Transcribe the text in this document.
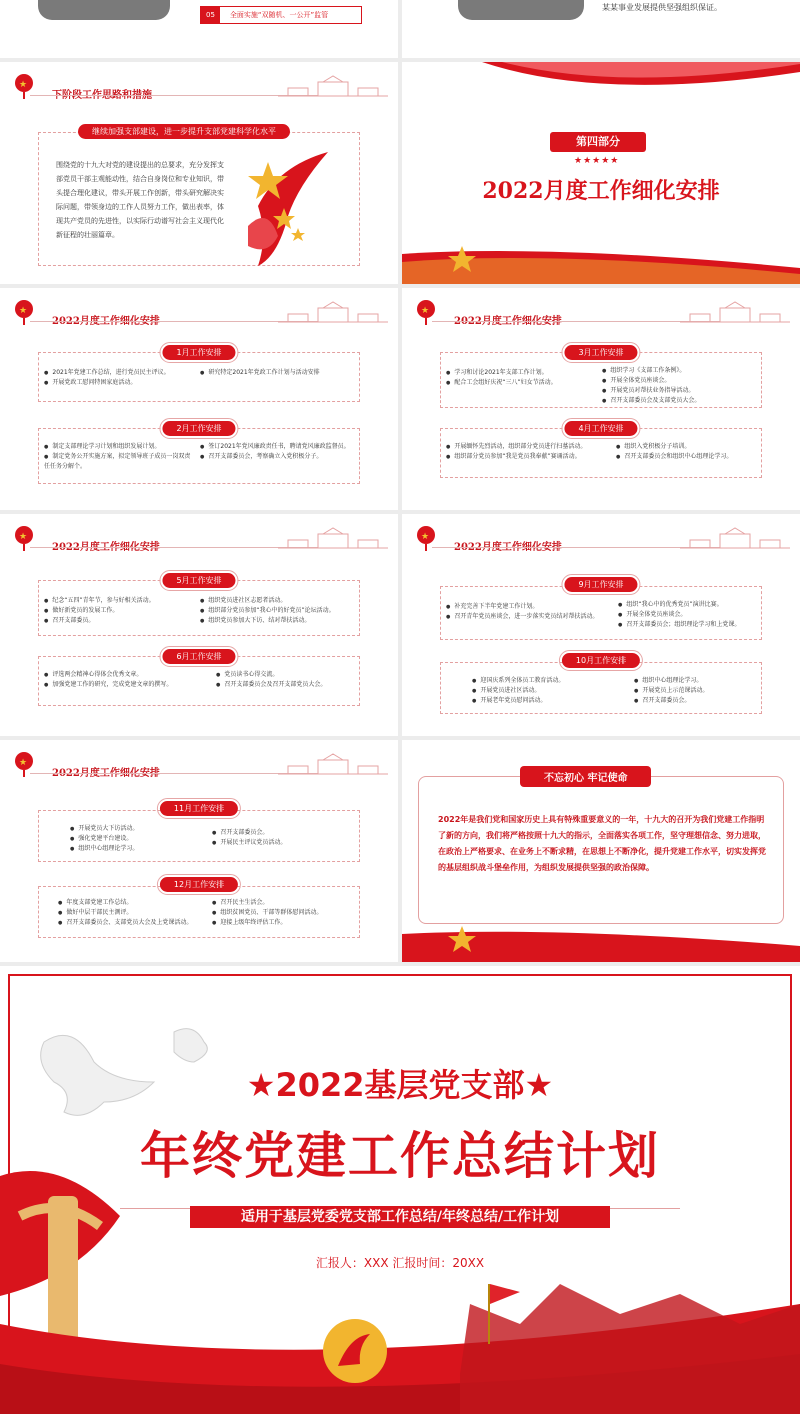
05	全面实施“双随机、一公开”监管
某某事业发展提供坚强组织保证。
★
继续加强支部建设，进一步提升支部党建科学化水平
围绕党的十九大对党的建设提出的总要求，充分发挥支部党员干部主观能动性，结合自身岗位和专业知识，带头提合理化建议，带头开展工作创新，带头研究解决实际问题，带领身边的工作人员努力工作，做出表率，体现共产党员的先进性，以实际行动谱写社会主义现代化新征程的壮丽篇章。
第四部分
★★★★★
2022月度工作细化安排
★
1月工作安排
● 2021年党建工作总结，进行党员民主评议。
● 开展党政工慰问特困家庭活动。
● 研究特定2021年党政工作计划与活动安排
2月工作安排
● 制定支部理论学习计划和组织发展计划。
● 制定党务公开实施方案，拟定领导班子成员一岗双责任任务分解个。
● 签订2021年党风廉政责任书，聘请党风廉政监督员。
● 召开支部委员会，考察确立入党积极分子。
★
3月工作安排
● 学习和讨论2021年支部工作计划。
● 配合工会组好庆祝“三八”妇女节活动。
● 组织学习《支部工作条例》。
● 开展全体党员座谈会。
● 开展党员对帮扶业务指导活动。
● 召开支部委员会及支部党员大会。
4月工作安排
● 开展缅怀先烈活动，组织部分党员进行扫墓活动。
● 组织部分党员参加“我是党员我奉献”赛诵活动。
● 组织入党积极分子培训。
● 召开支部委员会和组织中心组理论学习。
★
5月工作安排
● 纪念“五四”青年节，参与好相关活动。
● 做好新党员的发展工作。
● 召开支部委员。
● 组织党员进社区志愿者活动。
● 组织部分党员参加“我心中的好党员”论坛活动。
● 组织党员参加大下访、结对帮扶活动。
6月工作安排
● 评选两会精神心得体会优秀文章。
● 加强党建工作的研究，完成党建文章的撰写。
● 党员读书心得交流。
● 召开支部委员会及召开支部党员大会。
★
9月工作安排
● 补充完善下半年党建工作计划。
● 召开青年党员座谈会，进一步落实党员结对帮扶活动。
● 组织“我心中的优秀党员”演讲比赛。
● 开展全体党员座谈会。
● 召开支部委员会；组织理论学习和上党课。
10月工作安排
● 迎国庆系列全体员工教育活动。
● 开展党员进社区活动。
● 开展老年党员慰问活动。
● 组织中心组理论学习。
● 开展党员上示范课活动。
● 召开支部委员会。
★
11月工作安排
● 开展党员大下访活动。
● 强化党建平台建设。
● 组织中心组理论学习。
● 召开支部委员会。
● 开展民主评议党员活动。
12月工作安排
● 年度支部党建工作总结。
● 做好中层干部民主测评。
● 召开支部委员会、支部党员大会及上党课活动。
● 召开民主生活会。
● 组织贫困党员、干部等群体慰问活动。
● 迎接上级年终评估工作。
不忘初心 牢记使命
2022年是我们党和国家历史上具有特殊重要意义的一年，十九大的召开为我们党建工作指明了新的方向，我们将严格按照十九大的指示，全面落实各项工作，坚守理想信念、努力进取，在政治上严格要求、在业务上不断求精，在思想上不断净化，提升党建工作水平，切实发挥党的基层组织战斗堡垒作用，为组织发展提供坚强的政治保障。
★2022基层党支部★
年终党建工作总结计划
适用于基层党委党支部工作总结/年终总结/工作计划
汇报人：XXX 汇报时间：20XX
